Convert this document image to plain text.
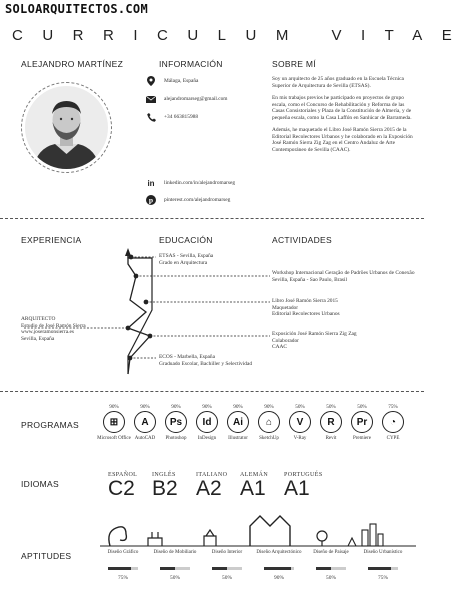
SOLOARQUITECTOS.COM
CURRICULUM VITAE
ALEJANDRO MARTÍNEZ	INFORMACIÓN
Málaga, España
alejandromarseg@gmail.com
+34 663815988
in linkedin.com/in/alejandromarseg
p pinterest.com/alejandromarseg
SOBRE MÍ

Soy un arquitecto de 25 años graduado en la Escuela Técnica Superior de Arquitectura de Sevilla (ETSAS).

En mis trabajos previos he participado en proyectos de grupo escala, como el Concurso de Rehabilitación y Reforma de las Casas Consistoriales y Plaza de la Constitución de Almería, y de pequeña escala, como la Casa Laffón en Sanlúcar de Barrameda.

Además, he maquetado el Libro José Ramón Sierra 2015 de la Editorial Recolectores Urbanos y he colaborado en la Exposición José Ramón Sierra Zig Zag en el Centro Andaluz de Arte Contemporáneo de Sevilla (CAAC).

EXPERIENCIA	EDUCACIÓN	ACTIVIDADES
ETSAS - Sevilla, España
Grado en Arquitectura
Workshop Internacional Geração de Padrões Urbanos de Conexão
Sevilla, España - Sao Paulo, Brasil
Libro José Ramón Sierra 2015
Maquetador
Editorial Recolectores Urbanos
ARQUITECTO
Estudio de José Ramón Sierra
www.joseramonsierra.es
Sevilla, España
Exposición José Ramón Sierra Zig Zag
Colaborador
CAAC
ECOS - Marbella, España
Graduado Escolar, Bachiller y Selectividad
PROGRAMAS
90%
⊞
Microsoft Office
90%
A
AutoCAD
90%
Ps
Photoshop
90%
Id
InDesign
90%
Ai
Illustrator
90%
⌂
SketchUp
50%
V
V-Ray
50%
R
Revit
50%
Pr
Premiere
75%
◔
CYPE
IDIOMAS
ESPAÑOL
C2
INGLÉS
B2
ITALIANO
A2
ALEMÁN
A1
PORTUGUÉS
A1
APTITUDES	Diseño Gráfico
75%
Diseño de Mobiliario
50%
Diseño Interior
50%
Diseño Arquitectónico
90%
Diseño de Paisaje
50%
Diseño Urbanístico
75%
